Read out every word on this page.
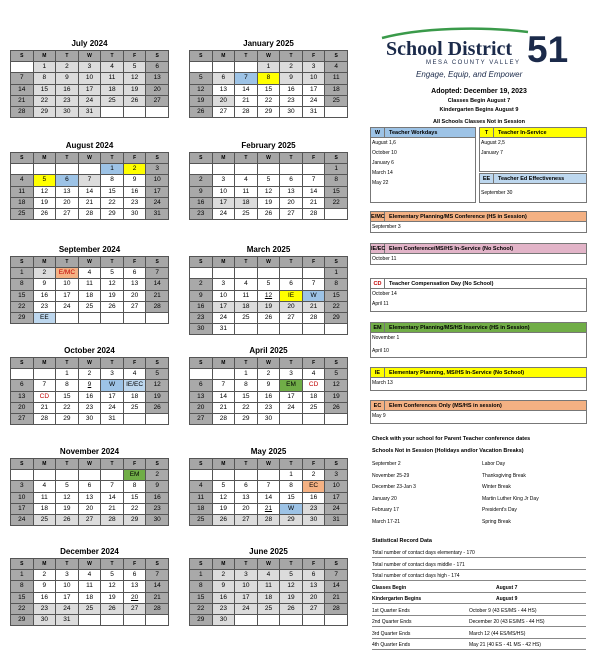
July 2024
S	M	T	W	T	F	S
	1	2	3	4	5	6
7	8	9	10	11	12	13
14	15	16	17	18	19	20
21	22	23	24	25	26	27
28	29	30	31			
January 2025
S	M	T	W	T	F	S
			1	2	3	4
5	6	7	8	9	10	11
12	13	14	15	16	17	18
19	20	21	22	23	24	25
26	27	28	29	30	31	
August 2024
S	M	T	W	T	F	S
				1	2	3
4	5	6	7	8	9	10
11	12	13	14	15	16	17
18	19	20	21	22	23	24
25	26	27	28	29	30	31
February 2025
S	M	T	W	T	F	S
						1
2	3	4	5	6	7	8
9	10	11	12	13	14	15
16	17	18	19	20	21	22
23	24	25	26	27	28	
September 2024
S	M	T	W	T	F	S
1	2	E/MC	4	5	6	7
8	9	10	11	12	13	14
15	16	17	18	19	20	21
22	23	24	25	26	27	28
29	EE					
March 2025
S	M	T	W	T	F	S
						1
2	3	4	5	6	7	8
9	10	11	12	IE	W	15
16	17	18	19	20	21	22
23	24	25	26	27	28	29
30	31					
October 2024
S	M	T	W	T	F	S
		1	2	3	4	5
6	7	8	9	W	IE/EC	12
13	CD	15	16	17	18	19
20	21	22	23	24	25	26
27	28	29	30	31		
April 2025
S	M	T	W	T	F	S
		1	2	3	4	5
6	7	8	9	EM	CD	12
13	14	15	16	17	18	19
20	21	22	23	24	25	26
27	28	29	30			
November 2024
S	M	T	W	T	F	S
					EM	2
3	4	5	6	7	8	9
10	11	12	13	14	15	16
17	18	19	20	21	22	23
24	25	26	27	28	29	30
May 2025
S	M	T	W	T	F	S
				1	2	3
4	5	6	7	8	EC	10
11	12	13	14	15	16	17
18	19	20	21	W	23	24
25	26	27	28	29	30	31
December 2024
S	M	T	W	T	F	S
1	2	3	4	5	6	7
8	9	10	11	12	13	14
15	16	17	18	19	20	21
22	23	24	25	26	27	28
29	30	31				
June 2025
S	M	T	W	T	F	S
1	2	3	4	5	6	7
8	9	10	11	12	13	14
15	16	17	18	19	20	21
22	23	24	25	26	27	28
29	30					
School District 51
MESA COUNTY VALLEY
Engage, Equip, and Empower
Adopted: December 19, 2023
Classes Begin August 7
Kindergarten Begins August 9
All Schools Classes Not in Session
W Teacher Workdays
August 1,6
October 10
January 6
March 14
May 22
T Teacher In-Service
August 2,5
January 7
EE Teacher Ed Effectiveness
September 30
E/MC Elementary Planning/MS Conference (HS in Session)
September 3
IE/EC Elem Conference/MS/HS In-Service (No School)
October 11
CD Teacher Compensation Day (No School)
October 14
April 11
EM Elementary Planning/MS/HS Inservice (HS in Session)
November 1
April 10
IE Elementary Planning, MS/HS In-Service (No School)
March 13
EC Elem Conferences Only (MS/HS in session)
May 9
Check with your school for Parent Teacher conference dates
Schools Not in Session (Holidays and/or Vacation Breaks)
September 2	Labor Day
November 25-29	Thanksgiving Break
December 23-Jan 3	Winter Break
January 20	Martin Luther King Jr Day
February 17	President's Day
March 17-21	Spring Break
Statistical Record Data
Total number of contact days elementary - 170
Total number of contact days middle - 171
Total number of contact days high - 174
Classes Begin	August 7
Kindergarten Begins	August 9
1st Quarter Ends	October 9 (43 ES/MS - 44 HS)
2nd Quarter Ends	December 20 (43 ES/MS - 44 HS)
3rd Quarter Ends	March 12 (44 ES/MS/HS)
4th Quarter Ends	May 21 (40 ES - 41 MS - 42 HS)
